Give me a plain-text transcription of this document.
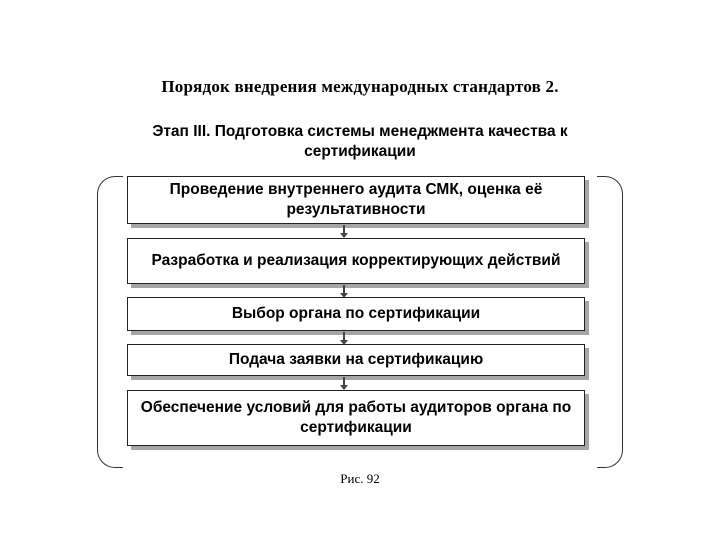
Порядок внедрения международных стандартов 2.
Этап III. Подготовка системы менеджмента качества к сертификации
Проведение внутреннего аудита СМК, оценка её результативности
Разработка и реализация корректирующих действий
Выбор органа по сертификации
Подача заявки на сертификацию
Обеспечение условий для работы аудиторов органа по сертификации
Рис. 92
